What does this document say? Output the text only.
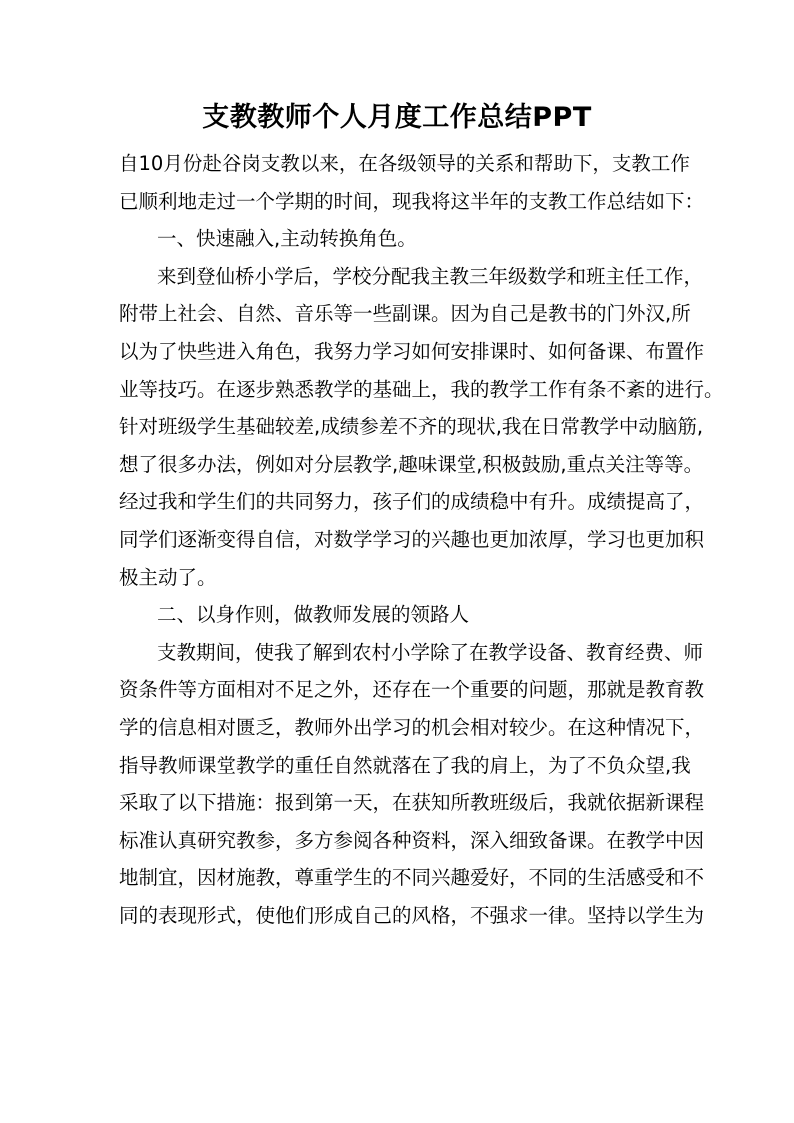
支教教师个人月度工作总结PPT
自10月份赴谷岗支教以来，在各级领导的关系和帮助下，支教工作
已顺利地走过一个学期的时间，现我将这半年的支教工作总结如下：
一、快速融入,主动转换角色。
来到登仙桥小学后，学校分配我主教三年级数学和班主任工作，
附带上社会、自然、音乐等一些副课。因为自己是教书的门外汉,所
以为了快些进入角色，我努力学习如何安排课时、如何备课、布置作
业等技巧。在逐步熟悉教学的基础上，我的教学工作有条不紊的进行。
针对班级学生基础较差,成绩参差不齐的现状,我在日常教学中动脑筋,
想了很多办法，例如对分层教学,趣味课堂,积极鼓励,重点关注等等。
经过我和学生们的共同努力，孩子们的成绩稳中有升。成绩提高了，
同学们逐渐变得自信，对数学学习的兴趣也更加浓厚，学习也更加积
极主动了。
二、以身作则，做教师发展的领路人
支教期间，使我了解到农村小学除了在教学设备、教育经费、师
资条件等方面相对不足之外，还存在一个重要的问题，那就是教育教
学的信息相对匮乏，教师外出学习的机会相对较少。在这种情况下，
指导教师课堂教学的重任自然就落在了我的肩上，为了不负众望,我
采取了以下措施：报到第一天，在获知所教班级后，我就依据新课程
标准认真研究教参，多方参阅各种资料，深入细致备课。在教学中因
地制宜，因材施教，尊重学生的不同兴趣爱好，不同的生活感受和不
同的表现形式，使他们形成自己的风格，不强求一律。坚持以学生为
